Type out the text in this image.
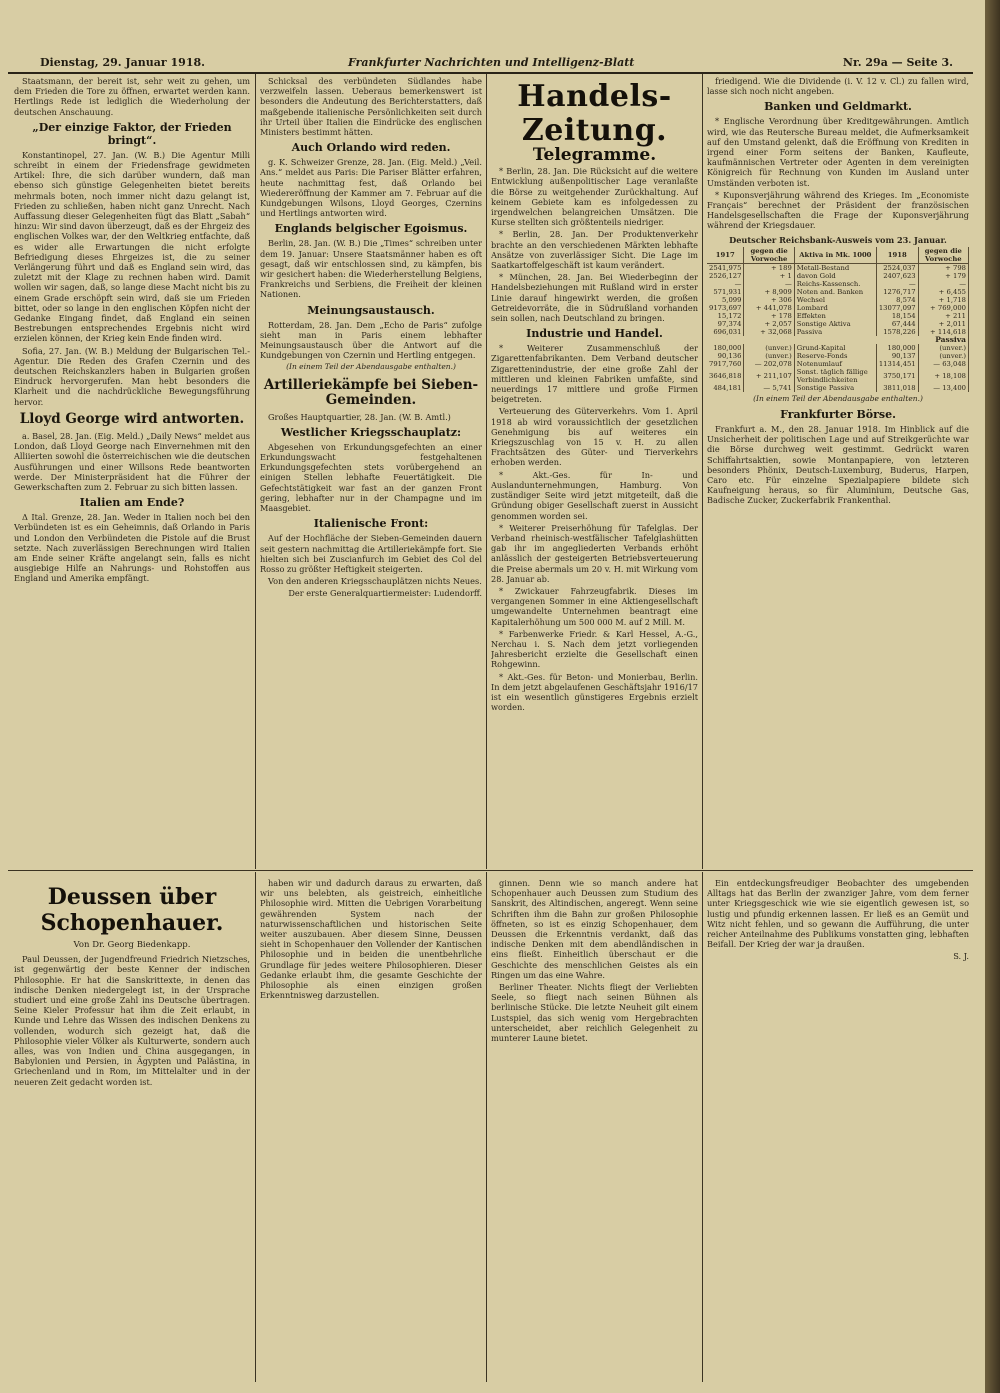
Dienstag, 29. Januar 1918.	Frankfurter Nachrichten und Intelligenz-Blatt	Nr. 29a — Seite 3.

Staatsmann, der bereit ist, sehr weit zu gehen, um dem Frieden die Tore zu öffnen, erwartet werden kann. Hertlings Rede ist lediglich die Wiederholung der deutschen Anschauung.

„Der einzige Faktor, der Frieden bringt“.

Konstantinopel, 27. Jan. (W. B.) Die Agentur Milli schreibt in einem der Friedensfrage gewidmeten Artikel: Ihre, die sich darüber wundern, daß man ebenso sich günstige Gelegenheiten bietet bereits mehrmals boten, noch immer nicht dazu gelangt ist, Frieden zu schließen, haben nicht ganz Unrecht. Nach Auffassung dieser Gelegenheiten fügt das Blatt „Sabah“ hinzu: Wir sind davon überzeugt, daß es der Ehrgeiz des englischen Volkes war, der den Weltkrieg entfachte, daß es wider alle Erwartungen die nicht erfolgte Befriedigung dieses Ehrgeizes ist, die zu seiner Verlängerung führt und daß es England sein wird, das zuletzt mit der Klage zu rechnen haben wird. Damit wollen wir sagen, daß, so lange diese Macht nicht bis zu einem Grade erschöpft sein wird, daß sie um Frieden bittet, oder so lange in den englischen Köpfen nicht der Gedanke Eingang findet, daß England ein seinen Bestrebungen entsprechendes Ergebnis nicht wird erzielen können, der Krieg kein Ende finden wird.

Sofia, 27. Jan. (W. B.) Meldung der Bulgarischen Tel.-Agentur. Die Reden des Grafen Czernin und des deutschen Reichskanzlers haben in Bulgarien großen Eindruck hervorgerufen. Man hebt besonders die Klarheit und die nachdrückliche Bewegungsführung hervor.

Lloyd George wird antworten.

a. Basel, 28. Jan. (Eig. Meld.) „Daily News“ meldet aus London, daß Lloyd George nach Einvernehmen mit den Alliierten sowohl die österreichischen wie die deutschen Ausführungen und einer Willsons Rede beantworten werde. Der Ministerpräsident hat die Führer der Gewerkschaften zum 2. Februar zu sich bitten lassen.

Italien am Ende?

Δ Ital. Grenze, 28. Jan. Weder in Italien noch bei den Verbündeten ist es ein Geheimnis, daß Orlando in Paris und London den Verbündeten die Pistole auf die Brust setzte. Nach zuverlässigen Berechnungen wird Italien am Ende seiner Kräfte angelangt sein, falls es nicht ausgiebige Hilfe an Nahrungs- und Rohstoffen aus England und Amerika empfängt.

Schicksal des verbündeten Südlandes habe verzweifeln lassen. Ueberaus bemerkenswert ist besonders die Andeutung des Berichterstatters, daß maßgebende italienische Persönlichkeiten seit durch ihr Urteil über Italien die Eindrücke des englischen Ministers bestimmt hätten.

Auch Orlando wird reden.

g. K. Schweizer Grenze, 28. Jan. (Eig. Meld.) „Veil. Ans.“ meldet aus Paris: Die Pariser Blätter erfahren, heute nachmittag fest, daß Orlando bei Wiedereröffnung der Kammer am 7. Februar auf die Kundgebungen Wilsons, Lloyd Georges, Czernins und Hertlings antworten wird.

Englands belgischer Egoismus.

Berlin, 28. Jan. (W. B.) Die „Times“ schreiben unter dem 19. Januar: Unsere Staatsmänner haben es oft gesagt, daß wir entschlossen sind, zu kämpfen, bis wir gesichert haben: die Wiederherstellung Belgiens, Frankreichs und Serbiens, die Freiheit der kleinen Nationen.

Meinungsaustausch.

Rotterdam, 28. Jan. Dem „Echo de Paris“ zufolge sieht man in Paris einem lebhafter Meinungsaustausch über die Antwort auf die Kundgebungen von Czernin und Hertling entgegen.

(In einem Teil der Abendausgabe enthalten.)
Artilleriekämpfe bei Sieben-Gemeinden.

Großes Hauptquartier, 28. Jan. (W. B. Amtl.)

Westlicher Kriegsschauplatz:

Abgesehen von Erkundungsgefechten an einer Erkundungswacht festgehaltenen Erkundungsgefechten stets vorübergehend an einigen Stellen lebhafte Feuertätigkeit. Die Gefechtstätigkeit war fast an der ganzen Front gering, lebhafter nur in der Champagne und im Maasgebiet.

Italienische Front:

Auf der Hochfläche der Sieben-Gemeinden dauern seit gestern nachmittag die Artilleriekämpfe fort. Sie hielten sich bei Zuscianfurch im Gebiet des Col del Rosso zu größter Heftigkeit steigerten.

Von den anderen Kriegsschauplätzen nichts Neues.

Der erste Generalquartiermeister: Ludendorff.
Handels-Zeitung.
Telegramme.

* Berlin, 28. Jan. Die Rücksicht auf die weitere Entwicklung außenpolitischer Lage veranlaßte die Börse zu weitgehender Zurückhaltung. Auf keinem Gebiete kam es infolgedessen zu irgendwelchen belangreichen Umsätzen. Die Kurse stellten sich größtenteils niedriger.

* Berlin, 28. Jan. Der Produktenverkehr brachte an den verschiedenen Märkten lebhafte Ansätze von zuverlässiger Sicht. Die Lage im Saatkartoffelgeschäft ist kaum verändert.

* München, 28. Jan. Bei Wiederbeginn der Handelsbeziehungen mit Rußland wird in erster Linie darauf hingewirkt werden, die großen Getreidevorräte, die in Südrußland vorhanden sein sollen, nach Deutschland zu bringen.

Industrie und Handel.

* Weiterer Zusammenschluß der Zigarettenfabrikanten. Dem Verband deutscher Zigarettenindustrie, der eine große Zahl der mittleren und kleinen Fabriken umfaßte, sind neuerdings 17 mittlere und große Firmen beigetreten.

Verteuerung des Güterverkehrs. Vom 1. April 1918 ab wird voraussichtlich der gesetzlichen Genehmigung bis auf weiteres ein Kriegszuschlag von 15 v. H. zu allen Frachtsätzen des Güter- und Tierverkehrs erhoben werden.

* Akt.-Ges. für In- und Auslandunternehmungen, Hamburg. Von zuständiger Seite wird jetzt mitgeteilt, daß die Gründung obiger Gesellschaft zuerst in Aussicht genommen worden sei.

* Weiterer Preiserhöhung für Tafelglas. Der Verband rheinisch-westfälischer Tafelglashütten gab ihr im angegliederten Verbands erhöht anlässlich der gesteigerten Betriebsverteuerung die Preise abermals um 20 v. H. mit Wirkung vom 28. Januar ab.

* Zwickauer Fahrzeugfabrik. Dieses im vergangenen Sommer in eine Aktiengesellschaft umgewandelte Unternehmen beantragt eine Kapitalerhöhung um 500 000 M. auf 2 Mill. M.

* Farbenwerke Friedr. & Karl Hessel, A.-G., Nerchau i. S. Nach dem jetzt vorliegenden Jahresbericht erzielte die Gesellschaft einen Rohgewinn.

* Akt.-Ges. für Beton- und Monierbau, Berlin. In dem jetzt abgelaufenen Geschäftsjahr 1916/17 ist ein wesentlich günstigeres Ergebnis erzielt worden.

friedigend. Wie die Dividende (i. V. 12 v. Cl.) zu fallen wird, lasse sich noch nicht angeben.

Banken und Geldmarkt.

* Englische Verordnung über Kreditgewährungen. Amtlich wird, wie das Reutersche Bureau meldet, die Aufmerksamkeit auf den Umstand gelenkt, daß die Eröffnung von Krediten in irgend einer Form seitens der Banken, Kaufleute, kaufmännischen Vertreter oder Agenten in dem vereinigten Königreich für Rechnung von Kunden im Ausland unter Umständen verboten ist.

* Kuponsverjährung während des Krieges. Im „Economiste Français“ berechnet der Präsident der französischen Handelsgesellschaften die Frage der Kuponsverjährung während der Kriegsdauer.

Deutscher Reichsbank-Ausweis vom 23. Januar.
1917	gegen die Vorwoche	Aktiva in Mk. 1000	1918	gegen die Vorwoche
2541,975	+ 189	Metall-Bestand	2524,037	+ 798
2526,127	+ 1	davon Gold	2407,623	+ 179
—	—	Reichs-Kassensch.	—	—
571,931	+ 8,909	Noten and. Banken	1276,717	+ 6,455
5,099	+ 306	Wechsel	8,574	+ 1,718
9173,697	+ 441,078	Lombard	13077,097	+ 769,000
15,172	+ 178	Effekten	18,154	+ 211
97,374	+ 2,057	Sonstige Aktiva	67,444	+ 2,011
696,031	+ 32,068	Passiva	1578,226	+ 114,618
Passiva				
180,000	(unver.)	Grund-Kapital	180,000	(unver.)
90,136	(unver.)	Reserve-Fonds	90,137	(unver.)
7917,760	— 202,078	Notenumlauf	11314,451	— 63,048
3646,818	+ 211,107	Sonst. täglich fällige Verbindlichkeiten	3750,171	+ 18,108
484,181	— 5,741	Sonstige Passiva	3811,018	— 13,400
(In einem Teil der Abendausgabe enthalten.)
Frankfurter Börse.

Frankfurt a. M., den 28. Januar 1918. Im Hinblick auf die Unsicherheit der politischen Lage und auf Streikgerüchte war die Börse durchweg weit gestimmt. Gedrückt waren Schiffahrtsaktien, sowie Montanpapiere, von letzteren besonders Phönix, Deutsch-Luxemburg, Buderus, Harpen, Caro etc. Für einzelne Spezialpapiere bildete sich Kaufneigung heraus, so für Aluminium, Deutsche Gas, Badische Zucker, Zuckerfabrik Frankenthal.

Deussen über Schopenhauer.
Von Dr. Georg Biedenkapp.

Paul Deussen, der Jugendfreund Friedrich Nietzsches, ist gegenwärtig der beste Kenner der indischen Philosophie. Er hat die Sanskrittexte, in denen das indische Denken niedergelegt ist, in der Ursprache studiert und eine große Zahl ins Deutsche übertragen. Seine Kieler Professur hat ihm die Zeit erlaubt, in Kunde und Lehre das Wissen des indischen Denkens zu vollenden, wodurch sich gezeigt hat, daß die Philosophie vieler Völker als Kulturwerte, sondern auch alles, was von Indien und China ausgegangen, in Babylonien und Persien, in Ägypten und Palästina, in Griechenland und in Rom, im Mittelalter und in der neueren Zeit gedacht worden ist.

haben wir und dadurch daraus zu erwarten, daß wir uns belebten, als geistreich, einheitliche Philosophie wird. Mitten die Uebrigen Vorarbeitung gewährenden System nach der naturwissenschaftlichen und historischen Seite weiter auszubauen. Aber diesem Sinne, Deussen sieht in Schopenhauer den Vollender der Kantischen Philosophie und in beiden die unentbehrliche Grundlage für jedes weitere Philosophieren. Dieser Gedanke erlaubt ihm, die gesamte Geschichte der Philosophie als einen einzigen großen Erkenntnisweg darzustellen.

ginnen. Denn wie so manch andere hat Schopenhauer auch Deussen zum Studium des Sanskrit, des Altindischen, angeregt. Wenn seine Schriften ihm die Bahn zur großen Philosophie öffneten, so ist es einzig Schopenhauer, dem Deussen die Erkenntnis verdankt, daß das indische Denken mit dem abendländischen in eins fließt. Einheitlich überschaut er die Geschichte des menschlichen Geistes als ein Ringen um das eine Wahre.

Berliner Theater. Nichts fliegt der Verliebten Seele, so fliegt nach seinen Bühnen als berlinische Stücke. Die letzte Neuheit gilt einem Lustspiel, das sich wenig vom Hergebrachten unterscheidet, aber reichlich Gelegenheit zu munterer Laune bietet.

Ein entdeckungsfreudiger Beobachter des umgebenden Alltags hat das Berlin der zwanziger Jahre, vom dem ferner unter Kriegsgeschick wie wie sie eigentlich gewesen ist, so lustig und pfundig erkennen lassen. Er ließ es an Gemüt und Witz nicht fehlen, und so gewann die Aufführung, die unter reicher Anteilnahme des Publikums vonstatten ging, lebhaften Beifall. Der Krieg der war ja draußen.

S. J.
